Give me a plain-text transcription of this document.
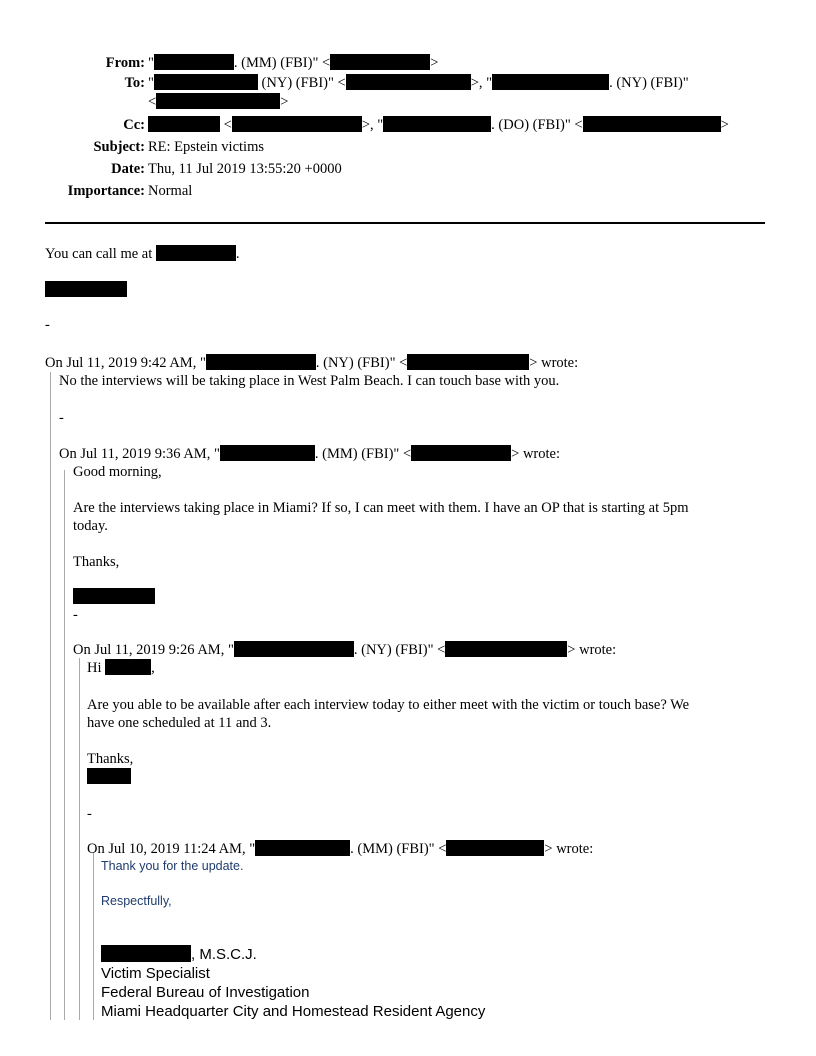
From: "	. (MM) (FBI)" <	>
To: "	(NY) (FBI)" <	>, "	. (NY) (FBI)"
<	>
Cc:	<	>, "	. (DO) (FBI)" <	>
Subject: RE: Epstein victims
Date: Thu, 11 Jul 2019 13:55:20 +0000
Importance: Normal
You can call me at	.
-
On Jul 11, 2019 9:42 AM, "	. (NY) (FBI)" <	> wrote:
No the interviews will be taking place in West Palm Beach. I can touch base with you.
-
On Jul 11, 2019 9:36 AM, "	. (MM) (FBI)" <	> wrote:
Good morning,
Are the interviews taking place in Miami? If so, I can meet with them. I have an OP that is starting at 5pm
today.
Thanks,
-
On Jul 11, 2019 9:26 AM, "	. (NY) (FBI)" <	> wrote:
Hi	,
Are you able to be available after each interview today to either meet with the victim or touch base? We
have one scheduled at 11 and 3.
Thanks,
-
On Jul 10, 2019 11:24 AM, "	. (MM) (FBI)" <	> wrote:
Thank you for the update.
Respectfully,
, M.S.C.J.
Victim Specialist
Federal Bureau of Investigation
Miami Headquarter City and Homestead Resident Agency
